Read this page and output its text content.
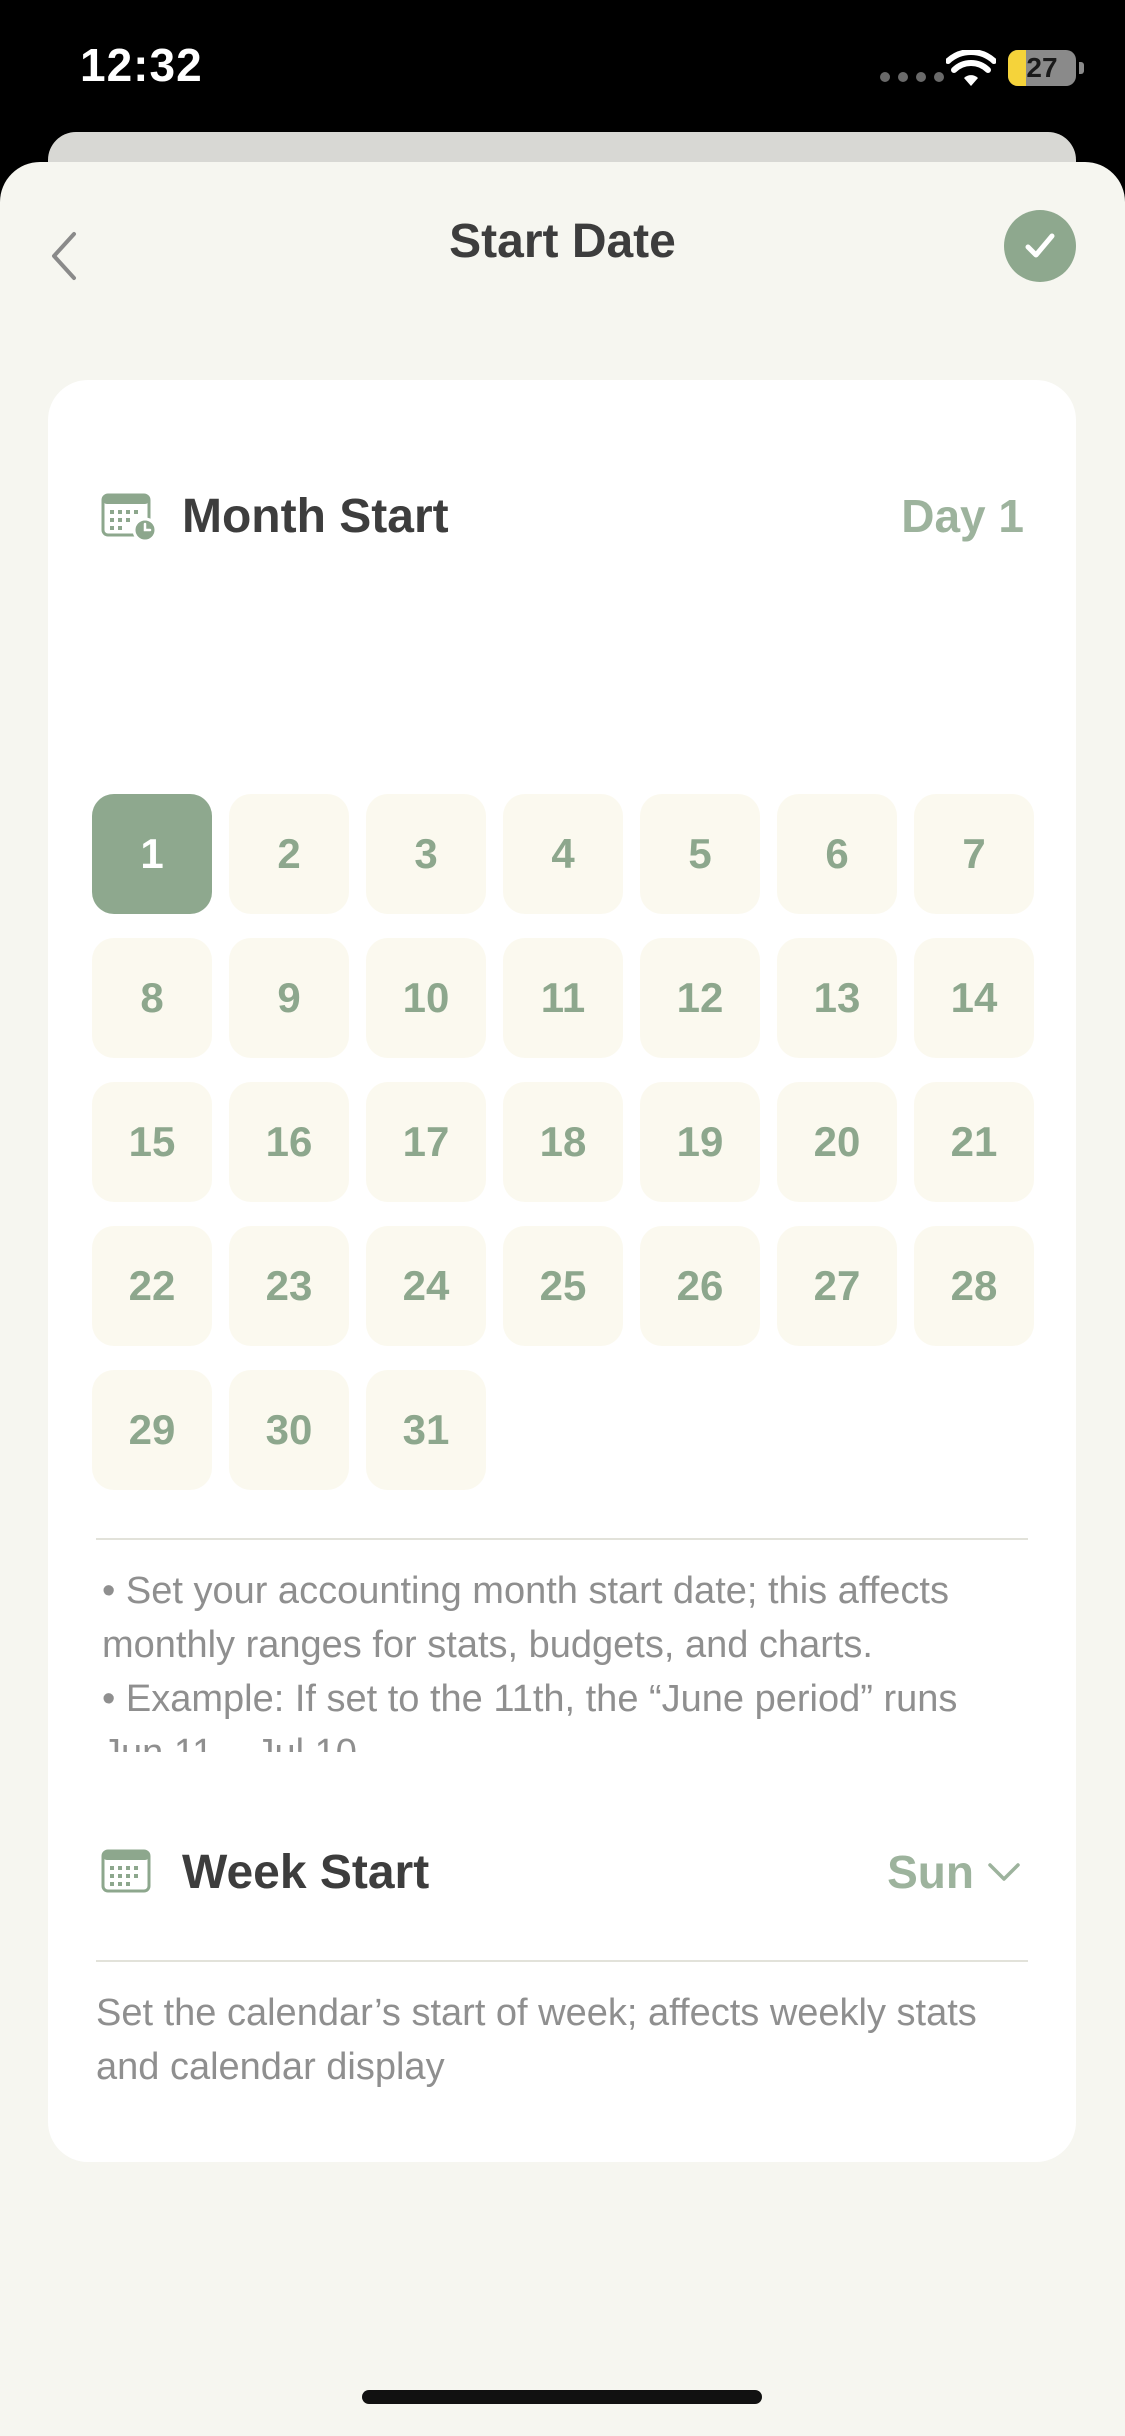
12:32	27
Start Date
Month Start	Day 1
1	2	3	4	5	6	7
8	9	10	11	12	13	14
15	16	17	18	19	20	21
22	23	24	25	26	27	28
29	30	31
• Set your accounting month start date; this affects monthly ranges for stats, budgets, and charts.
• Example: If set to the 11th, the “June period” runs
Week Start	Sun
Set the calendar’s start of week; affects weekly stats and calendar display
